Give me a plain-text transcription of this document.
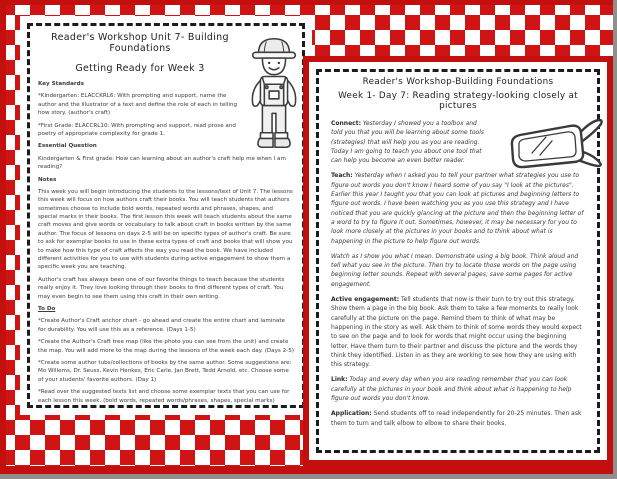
Reader's Workshop Unit 7- Building Foundations
Getting Ready for Week 3

Key Standards

*Kindergarten: ELACCKRL6: With prompting and support, name the author and the illustrator of a text and define the role of each in telling how story. (author's craft)

*First Grade: ELACCRL10: With prompting and support, read prose and poetry of appropriate complexity for grade 1.

Essential Question

Kindergarten & First grade: How can learning about an author's craft help me when I am reading?

Notes

This week you will begin introducing the students to the lessons/text of Unit 7. The lessons this week will focus on how authors craft their books. You will teach students that authors sometimes choose to include bold words, repeated words and phrases, shapes, and special marks in their books. The first lesson this week will teach students about the same craft moves and give words or vocabulary to talk about craft in books written by the same author. The focus of lessons on days 2-5 will be on specific types of author's craft. Be sure to ask for exemplar books to use in these extra types of craft and books that will show you to make how this type of craft affects the way you read the book. We have included different activities for you to use with students during active engagement to show them a specific week you are teaching.

Author's craft has always been one of our favorite things to teach because the students really enjoy it. They love looking through their books to find different types of craft. You may even begin to see them using this craft in their own writing.

To Do

*Create Author's Craft anchor chart - go ahead and create the entire chart and laminate for durability. You will use this as a reference. (Days 1-5)

*Create the Author's Craft tree map (like the photo you can see from the unit) and create the map. You will add more to the map during the lessons of the week each day. (Days 2-5)

*Create some author tubs/collections of books by the same author. Some suggestions are: Mo Willems, Dr. Seuss, Kevin Henkes, Eric Carle, Jan Brett, Tedd Arnold, etc. Choose some of your students' favorite authors. (Day 1)

*Read over the suggested texts list and choose some exemplar texts that you can use for each lesson this week. (bold words, repeated words/phrases, shapes, special marks)

Reader's Workshop-Building Foundations
Week 1- Day 7: Reading strategy-looking closely at pictures

Connect: Yesterday I showed you a toolbox and told you that you will be learning about some tools (strategies) that will help you as you are reading. Today I am going to teach you about one tool that can help you become an even better reader.

Teach: Yesterday when I asked you to tell your partner what strategies you use to figure out words you don't know I heard some of you say "I look at the pictures". Earlier this year I taught you that you can look at pictures and beginning letters to figure out words. I have been watching you as you use this strategy and I have noticed that you are quickly glancing at the picture and then the beginning letter of a word to try to figure it out. Sometimes, however, it may be necessary for you to look more closely at the pictures in your books and to think about what is happening in the picture to help figure out words.

Watch as I show you what I mean. Demonstrate using a big book. Think aloud and tell what you see in the picture. Then try to locate those words on the page using beginning letter sounds. Repeat with several pages; save some pages for active engagement.

Active engagement: Tell students that now is their turn to try out this strategy. Show them a page in the big book. Ask them to take a few moments to really look carefully at the picture on the page. Remind them to think of what may be happening in the story as well. Ask them to think of some words they would expect to see on the page and to look for words that might occur using the beginning letter. Have them turn to their partner and discuss the picture and the words they think they identified. Listen in as they are working to see how they are using with this strategy.

Link: Today and every day when you are reading remember that you can look carefully at the pictures in your book and think about what is happening to help figure out words you don't know.

Application: Send students off to read independently for 20-25 minutes. Then ask them to turn and talk elbow to elbow to share their books.
